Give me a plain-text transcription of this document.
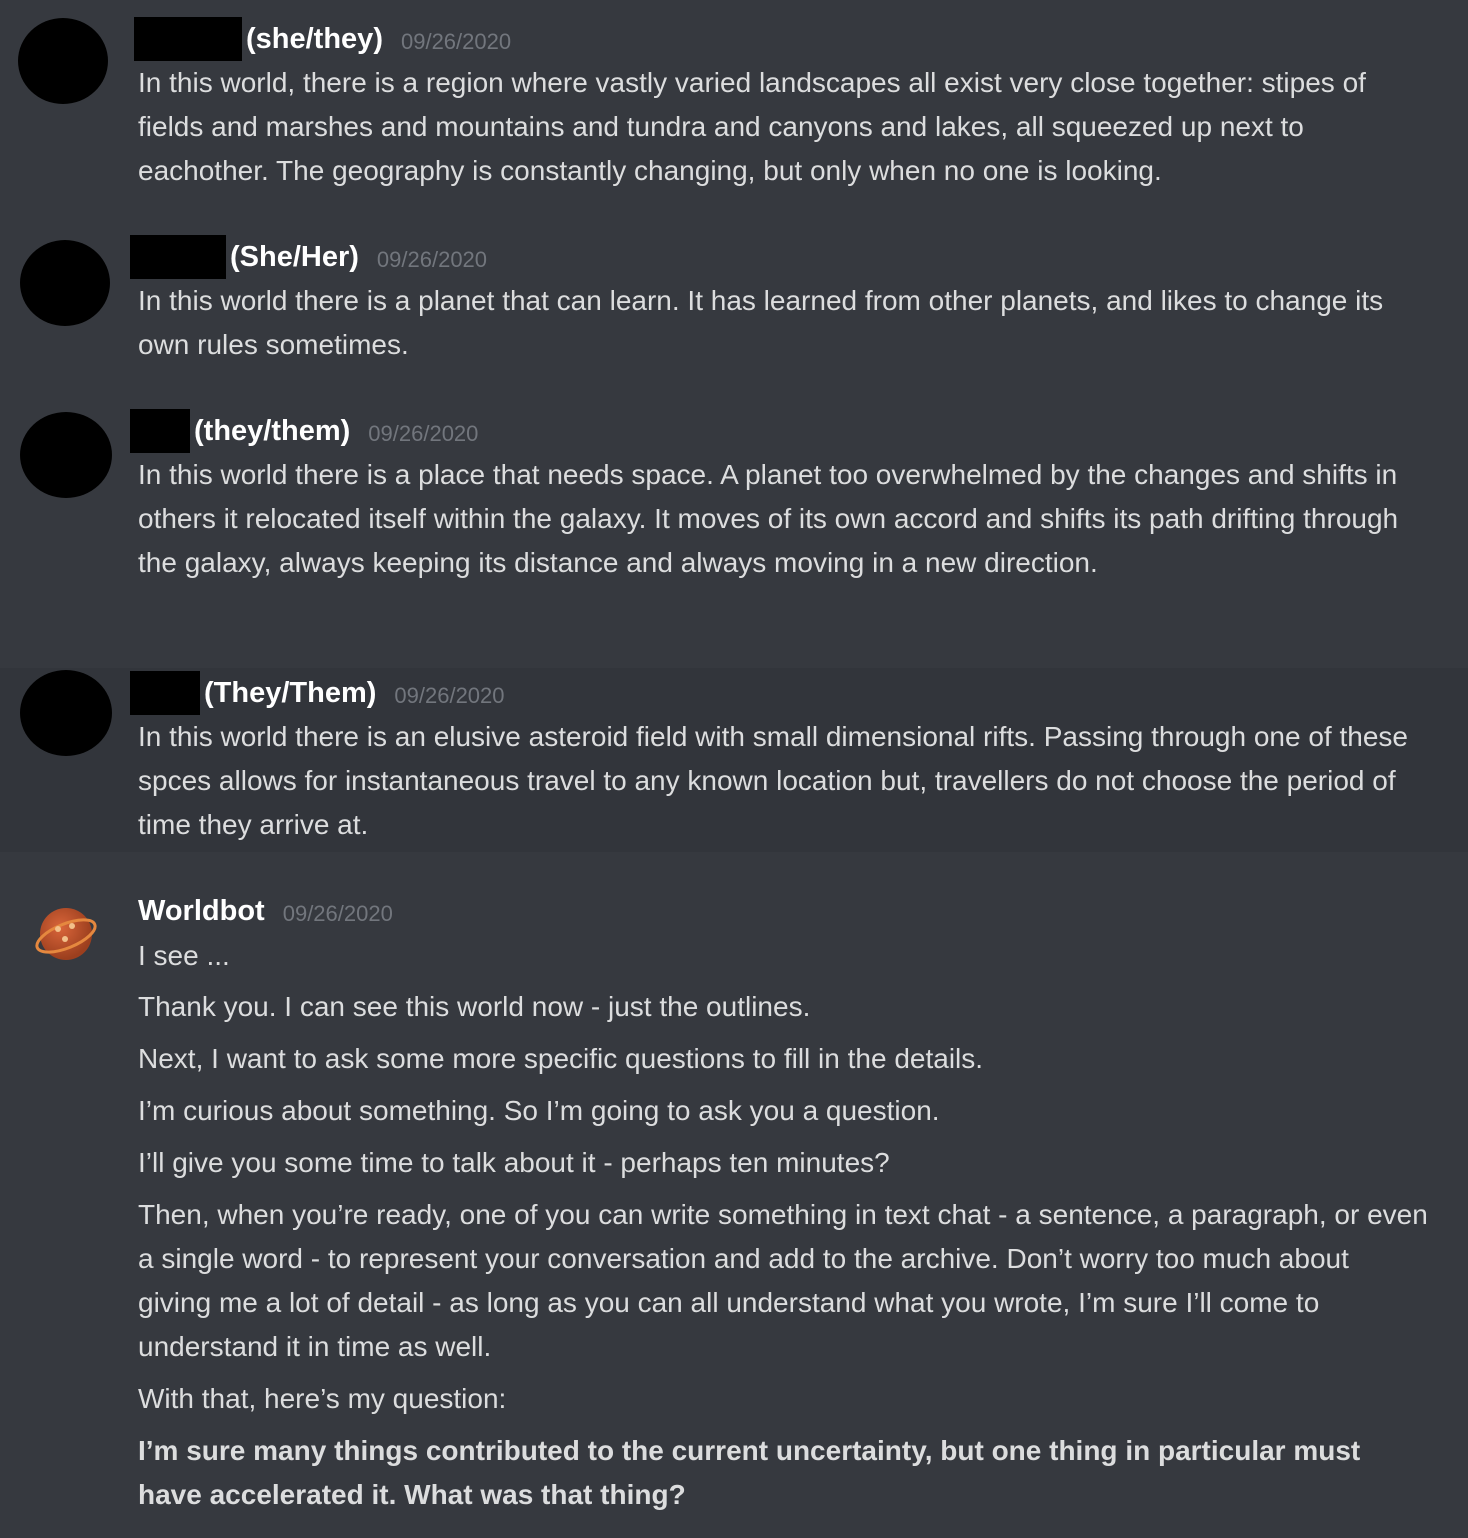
(she/they) 09/26/2020
In this world, there is a region where vastly varied landscapes all exist very close together: stipes of fields and marshes and mountains and tundra and canyons and lakes, all squeezed up next to eachother. The geography is constantly changing, but only when no one is looking.
(She/Her) 09/26/2020
In this world there is a planet that can learn. It has learned from other planets, and likes to change its own rules sometimes.
(they/them) 09/26/2020
In this world there is a place that needs space. A planet too overwhelmed by the changes and shifts in others it relocated itself within the galaxy. It moves of its own accord and shifts its path drifting through the galaxy, always keeping its distance and always moving in a new direction.
(They/Them) 09/26/2020
In this world there is an elusive asteroid field with small dimensional rifts. Passing through one of these spces allows for instantaneous travel to any known location but, travellers do not choose the period of time they arrive at.
Worldbot 09/26/2020
I see ...
Thank you. I can see this world now - just the outlines.
Next, I want to ask some more specific questions to fill in the details.
I’m curious about something. So I’m going to ask you a question.
I’ll give you some time to talk about it - perhaps ten minutes?
Then, when you’re ready, one of you can write something in text chat - a sentence, a paragraph, or even a single word - to represent your conversation and add to the archive. Don’t worry too much about giving me a lot of detail - as long as you can all understand what you wrote, I’m sure I’ll come to understand it in time as well.
With that, here’s my question:
I’m sure many things contributed to the current uncertainty, but one thing in particular must have accelerated it. What was that thing?
